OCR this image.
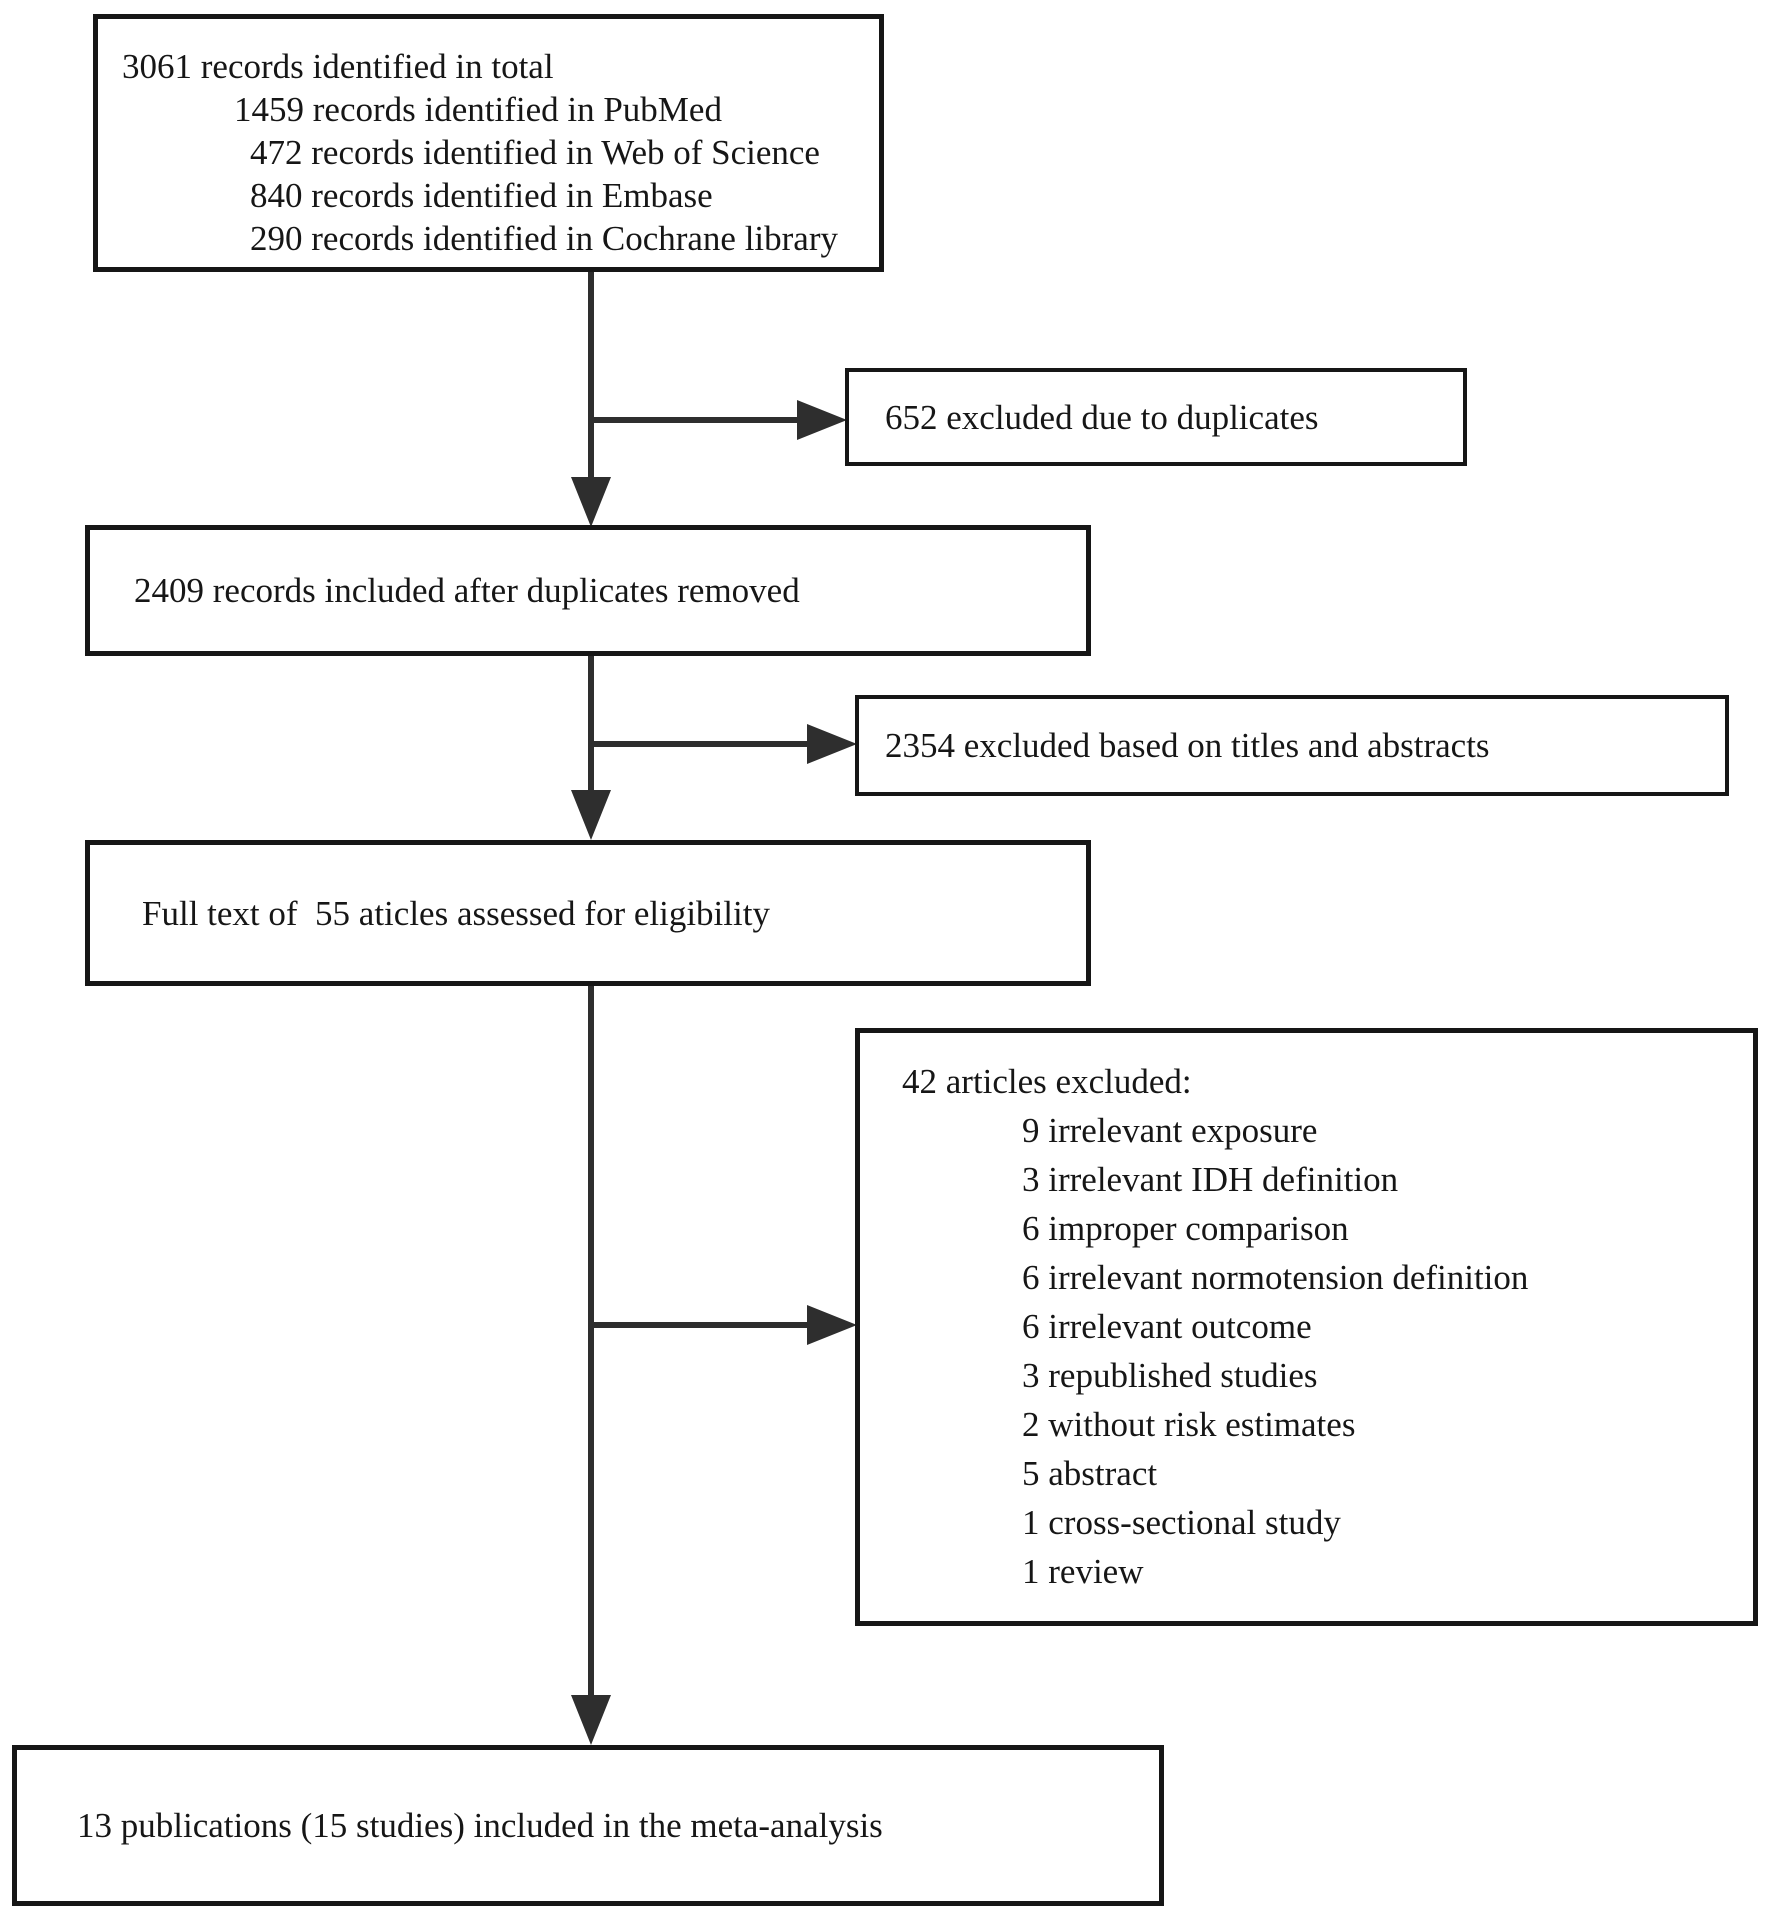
3061 records identified in total
1459 records identified in PubMed
472 records identified in Web of Science
840 records identified in Embase
290 records identified in Cochrane library
652 excluded due to duplicates
2409 records included after duplicates removed
2354 excluded based on titles and abstracts
Full text of  55 aticles assessed for eligibility
42 articles excluded:
9 irrelevant exposure
3 irrelevant IDH definition
6 improper comparison
6 irrelevant normotension definition
6 irrelevant outcome
3 republished studies
2 without risk estimates
5 abstract
1 cross-sectional study
1 review
13 publications (15 studies) included in the meta-analysis
